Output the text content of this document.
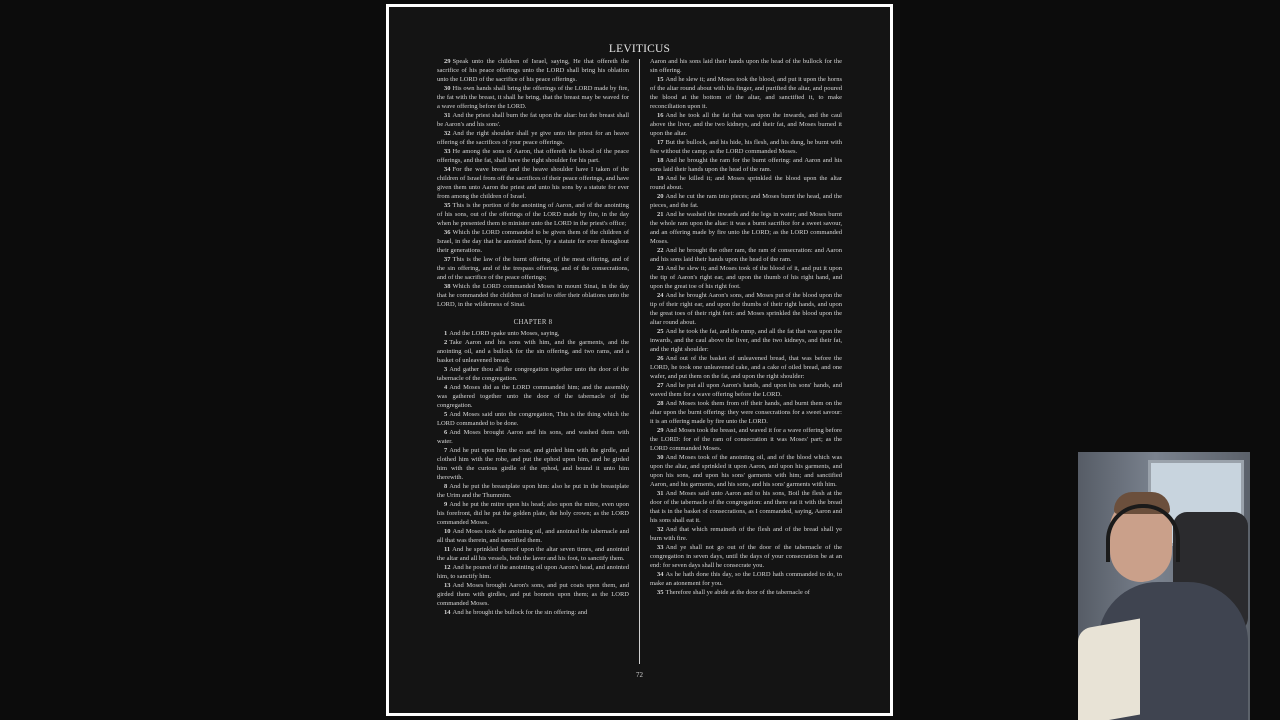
LEVITICUS

29 Speak unto the children of Israel, saying, He that offereth the sacrifice of his peace offerings unto the LORD shall bring his oblation unto the LORD of the sacrifice of his peace offerings.

30 His own hands shall bring the offerings of the LORD made by fire, the fat with the breast, it shall he bring, that the breast may be waved for a wave offering before the LORD.

31 And the priest shall burn the fat upon the altar: but the breast shall be Aaron's and his sons'.

32 And the right shoulder shall ye give unto the priest for an heave offering of the sacrifices of your peace offerings.

33 He among the sons of Aaron, that offereth the blood of the peace offerings, and the fat, shall have the right shoulder for his part.

34 For the wave breast and the heave shoulder have I taken of the children of Israel from off the sacrifices of their peace offerings, and have given them unto Aaron the priest and unto his sons by a statute for ever from among the children of Israel.

35 This is the portion of the anointing of Aaron, and of the anointing of his sons, out of the offerings of the LORD made by fire, in the day when he presented them to minister unto the LORD in the priest's office;

36 Which the LORD commanded to be given them of the children of Israel, in the day that he anointed them, by a statute for ever throughout their generations.

37 This is the law of the burnt offering, of the meat offering, and of the sin offering, and of the trespass offering, and of the consecrations, and of the sacrifice of the peace offerings;

38 Which the LORD commanded Moses in mount Sinai, in the day that he commanded the children of Israel to offer their oblations unto the LORD, in the wilderness of Sinai.

CHAPTER 8

1 And the LORD spake unto Moses, saying,

2 Take Aaron and his sons with him, and the garments, and the anointing oil, and a bullock for the sin offering, and two rams, and a basket of unleavened bread;

3 And gather thou all the congregation together unto the door of the tabernacle of the congregation.

4 And Moses did as the LORD commanded him; and the assembly was gathered together unto the door of the tabernacle of the congregation.

5 And Moses said unto the congregation, This is the thing which the LORD commanded to be done.

6 And Moses brought Aaron and his sons, and washed them with water.

7 And he put upon him the coat, and girded him with the girdle, and clothed him with the robe, and put the ephod upon him, and he girded him with the curious girdle of the ephod, and bound it unto him therewith.

8 And he put the breastplate upon him: also he put in the breastplate the Urim and the Thummim.

9 And he put the mitre upon his head; also upon the mitre, even upon his forefront, did he put the golden plate, the holy crown; as the LORD commanded Moses.

10 And Moses took the anointing oil, and anointed the tabernacle and all that was therein, and sanctified them.

11 And he sprinkled thereof upon the altar seven times, and anointed the altar and all his vessels, both the laver and his foot, to sanctify them.

12 And he poured of the anointing oil upon Aaron's head, and anointed him, to sanctify him.

13 And Moses brought Aaron's sons, and put coats upon them, and girded them with girdles, and put bonnets upon them; as the LORD commanded Moses.

14 And he brought the bullock for the sin offering: and

Aaron and his sons laid their hands upon the head of the bullock for the sin offering.

15 And he slew it; and Moses took the blood, and put it upon the horns of the altar round about with his finger, and purified the altar, and poured the blood at the bottom of the altar, and sanctified it, to make reconciliation upon it.

16 And he took all the fat that was upon the inwards, and the caul above the liver, and the two kidneys, and their fat, and Moses burned it upon the altar.

17 But the bullock, and his hide, his flesh, and his dung, he burnt with fire without the camp; as the LORD commanded Moses.

18 And he brought the ram for the burnt offering: and Aaron and his sons laid their hands upon the head of the ram.

19 And he killed it; and Moses sprinkled the blood upon the altar round about.

20 And he cut the ram into pieces; and Moses burnt the head, and the pieces, and the fat.

21 And he washed the inwards and the legs in water; and Moses burnt the whole ram upon the altar: it was a burnt sacrifice for a sweet savour, and an offering made by fire unto the LORD; as the LORD commanded Moses.

22 And he brought the other ram, the ram of consecration: and Aaron and his sons laid their hands upon the head of the ram.

23 And he slew it; and Moses took of the blood of it, and put it upon the tip of Aaron's right ear, and upon the thumb of his right hand, and upon the great toe of his right foot.

24 And he brought Aaron's sons, and Moses put of the blood upon the tip of their right ear, and upon the thumbs of their right hands, and upon the great toes of their right feet: and Moses sprinkled the blood upon the altar round about.

25 And he took the fat, and the rump, and all the fat that was upon the inwards, and the caul above the liver, and the two kidneys, and their fat, and the right shoulder:

26 And out of the basket of unleavened bread, that was before the LORD, he took one unleavened cake, and a cake of oiled bread, and one wafer, and put them on the fat, and upon the right shoulder:

27 And he put all upon Aaron's hands, and upon his sons' hands, and waved them for a wave offering before the LORD.

28 And Moses took them from off their hands, and burnt them on the altar upon the burnt offering: they were consecrations for a sweet savour: it is an offering made by fire unto the LORD.

29 And Moses took the breast, and waved it for a wave offering before the LORD: for of the ram of consecration it was Moses' part; as the LORD commanded Moses.

30 And Moses took of the anointing oil, and of the blood which was upon the altar, and sprinkled it upon Aaron, and upon his garments, and upon his sons, and upon his sons' garments with him; and sanctified Aaron, and his garments, and his sons, and his sons' garments with him.

31 And Moses said unto Aaron and to his sons, Boil the flesh at the door of the tabernacle of the congregation: and there eat it with the bread that is in the basket of consecrations, as I commanded, saying, Aaron and his sons shall eat it.

32 And that which remaineth of the flesh and of the bread shall ye burn with fire.

33 And ye shall not go out of the door of the tabernacle of the congregation in seven days, until the days of your consecration be at an end: for seven days shall he consecrate you.

34 As he hath done this day, so the LORD hath commanded to do, to make an atonement for you.

35 Therefore shall ye abide at the door of the tabernacle of

72
